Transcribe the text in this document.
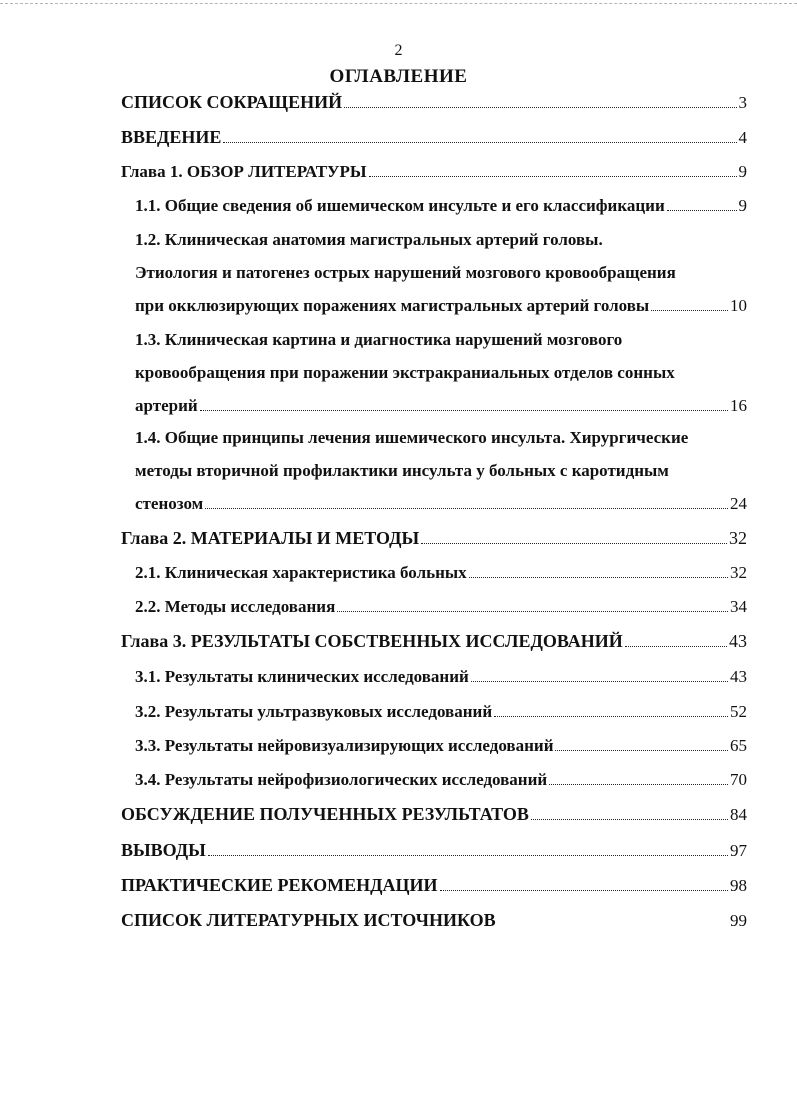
2
ОГЛАВЛЕНИЕ
СПИСОК СОКРАЩЕНИЙ	3
ВВЕДЕНИЕ	4
Глава 1. ОБЗОР ЛИТЕРАТУРЫ	9
1.1. Общие сведения об ишемическом инсульте и его классификации	9
1.2. Клиническая анатомия магистральных артерий головы.
Этиология и патогенез острых нарушений мозгового кровообращения
при окклюзирующих поражениях магистральных артерий головы	10
1.3. Клиническая картина и диагностика нарушений мозгового
кровообращения при поражении экстракраниальных отделов сонных
артерий	16
1.4. Общие принципы лечения ишемического инсульта. Хирургические
методы вторичной профилактики инсульта у больных с каротидным
стенозом	24
Глава 2. МАТЕРИАЛЫ И МЕТОДЫ	32
2.1. Клиническая характеристика больных	32
2.2. Методы исследования	34
Глава 3. РЕЗУЛЬТАТЫ СОБСТВЕННЫХ ИССЛЕДОВАНИЙ	43
3.1. Результаты клинических исследований	43
3.2. Результаты ультразвуковых исследований	52
3.3. Результаты нейровизуализирующих исследований	65
3.4. Результаты нейрофизиологических исследований	70
ОБСУЖДЕНИЕ ПОЛУЧЕННЫХ РЕЗУЛЬТАТОВ	84
ВЫВОДЫ	97
ПРАКТИЧЕСКИЕ РЕКОМЕНДАЦИИ	98
СПИСОК ЛИТЕРАТУРНЫХ ИСТОЧНИКОВ	99
